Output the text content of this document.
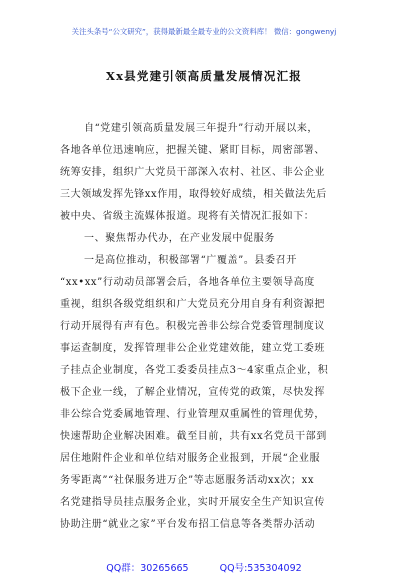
关注头条号“公文研究”，获得最新最全最专业的公文资料库！ 微信：gongwenyj
Xx县党建引领高质量发展情况汇报
自“党建引领高质量发展三年提升”行动开展以来，
各地各单位迅速响应，把握关键、紧盯目标，周密部署、
统筹安排，组织广大党员干部深入农村、社区、非公企业
三大领域发挥先锋xx作用，取得较好成绩，相关做法先后
被中央、省级主流媒体报道。现将有关情况汇报如下：
一、聚焦帮办代办，在产业发展中促服务
一是高位推动，积极部署“广覆盖”。县委召开
“xx•xx”行动动员部署会后，各地各单位主要领导高度
重视，组织各级党组织和广大党员充分用自身有利资源把
行动开展得有声有色。积极完善非公综合党委管理制度议
事运查制度，发挥管理非公企业党建效能，建立党工委班
子挂点企业制度，各党工委委员挂点3～4家重点企业，积
极下企业一线，了解企业情况，宣传党的政策，尽快发挥
非公综合党委属地管理、行业管理双重属性的管理优势，
快速帮助企业解决困难。截至目前，共有xx名党员干部到
居住地附件企业和单位结对服务企业报到，开展“企业服
务零距离”“社保服务进万企”等志愿服务活动xx次；xx
名党建指导员挂点服务企业，实时开展安全生产知识宣传
协助注册“就业之家”平台发布招工信息等各类帮办活动
QQ群：30265665	QQ号:535304092
